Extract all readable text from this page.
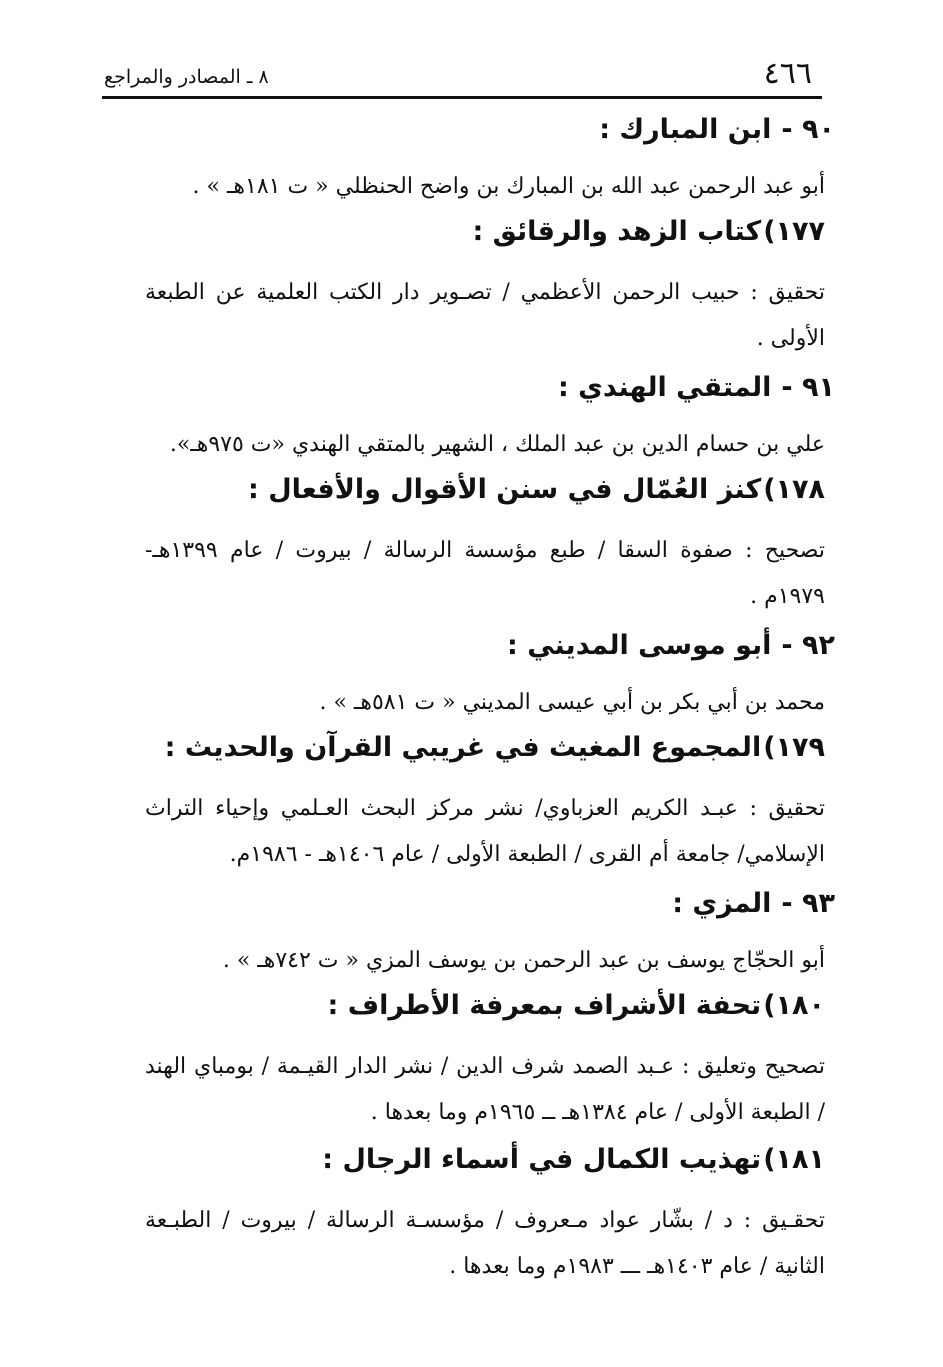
٤٦٦
٨ ـ المصادر والمراجع
٩٠ -ابن المبارك :
أبو عبد الرحمن عبد الله بن المبارك بن واضح الحنظلي « ت ١٨١هـ » .
١٧٧)كتاب الزهد والرقائق :
تحقيق : حبيب الرحمن الأعظمي / تصـوير دار الكتب العلمية عن الطبعة الأولى .
٩١ -المتقي الهندي :
علي بن حسام الدين بن عبد الملك ، الشهير بالمتقي الهندي «ت ٩٧٥هـ».
١٧٨)كنز العُمّال في سنن الأقوال والأفعال :
تصحيح : صفوة السقا / طبع مؤسسة الرسالة / بيروت / عام ١٣٩٩هـ- ١٩٧٩م .
٩٢ -أبو موسى المديني :
محمد بن أبي بكر بن أبي عيسى المديني « ت ٥٨١هـ » .
١٧٩)المجموع المغيث في غريبي القرآن والحديث :
تحقيق : عبـد الكريم العزباوي/ نشر مركز البحث العـلمي وإحياء التراث الإسلامي/ جامعة أم القرى / الطبعة الأولى / عام ١٤٠٦هـ - ١٩٨٦م.
٩٣ -المزي :
أبو الحجّاج يوسف بن عبد الرحمن بن يوسف المزي « ت ٧٤٢هـ » .
١٨٠)تحفة الأشراف بمعرفة الأطراف :
تصحيح وتعليق : عـبد الصمد شرف الدين / نشر الدار القيـمة / بومباي الهند / الطبعة الأولى / عام ١٣٨٤هـ ــ ١٩٦٥م وما بعدها .
١٨١)تهذيب الكمال في أسماء الرجال :
تحقـيق : د / بشّار عواد مـعروف / مؤسسـة الرسالة / بيروت / الطبـعة الثانية / عام ١٤٠٣هـ ـــ ١٩٨٣م وما بعدها .
